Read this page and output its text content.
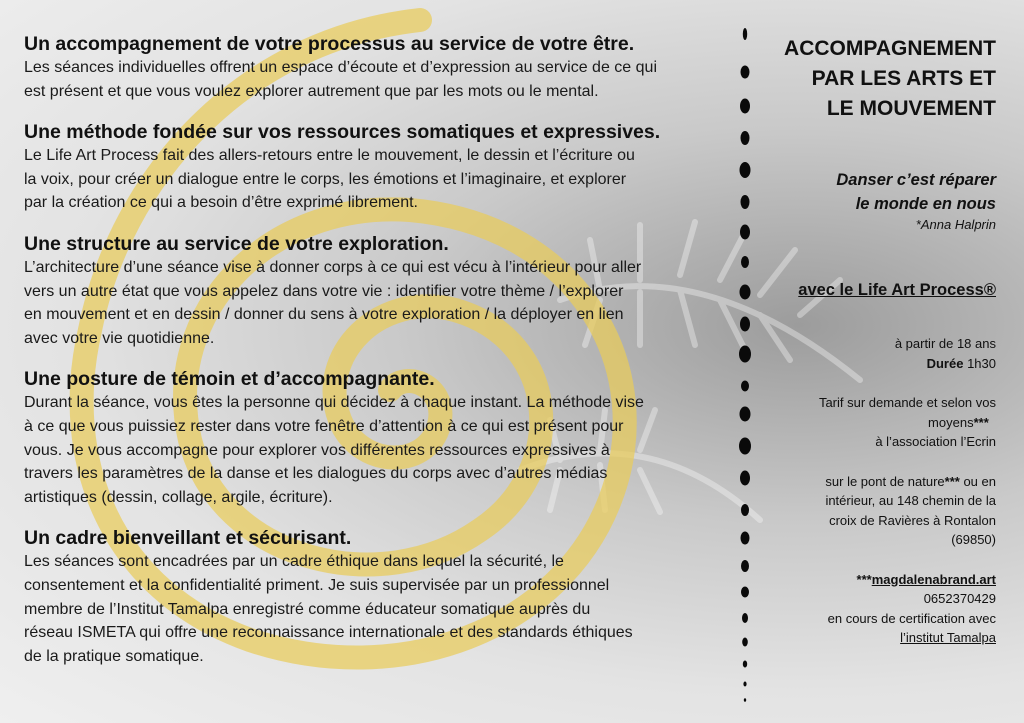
Un accompagnement de votre processus au service de votre être.

Les séances individuelles offrent un espace d’écoute et d’expression au service de ce qui
est présent et que vous voulez explorer autrement que par les mots ou le mental.

Une méthode fondée sur vos ressources somatiques et expressives.

Le Life Art Process fait des allers-retours entre le mouvement, le dessin et l’écriture ou
la voix, pour créer un dialogue entre le corps, les émotions et l’imaginaire, et explorer
par la création ce qui a besoin d’être exprimé librement.

Une structure au service de votre exploration.

L’architecture d’une séance vise à donner corps à ce qui est vécu à l’intérieur pour aller
vers un autre état que vous appelez dans votre vie : identifier votre thème / l’explorer
en mouvement et en dessin / donner du sens à votre exploration / la déployer en lien
avec votre vie quotidienne.

Une posture de témoin et d’accompagnante.

Durant la séance, vous êtes la personne qui décidez à chaque instant. La méthode vise
à ce que vous puissiez rester dans votre fenêtre d’attention à ce qui est présent pour
vous. Je vous accompagne pour explorer vos différentes ressources expressives à
travers les paramètres de la danse et les dialogues du corps avec d’autres médias
artistiques (dessin, collage, argile, écriture).

Un cadre bienveillant et sécurisant.

Les séances sont encadrées par un cadre éthique dans lequel la sécurité, le
consentement et la confidentialité priment. Je suis supervisée par un professionnel
membre de l’Institut Tamalpa enregistré comme éducateur somatique auprès du
réseau ISMETA qui offre une reconnaissance internationale et des standards éthiques
de la pratique somatique.

ACCOMPAGNEMENT
PAR LES ARTS ET
LE MOUVEMENT
Danser c’est réparer
le monde en nous
*Anna Halprin
avec le Life Art Process®
à partir de 18 ans
Durée 1h30
Tarif sur demande et selon vos
moyens***
à l’association l’Ecrin
sur le pont de nature*** ou en
intérieur, au 148 chemin de la
croix de Ravières à Rontalon
(69850)
***magdalenabrand.art
0652370429
en cours de certification avec
l’institut Tamalpa
